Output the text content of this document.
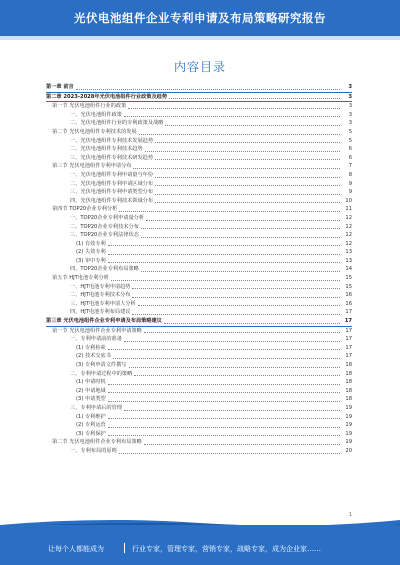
光伏电池组件企业专利申请及布局策略研究报告
内容目录
第一章 前言	3
第二章 2023-2028年光伏电池组件行业政策及趋势	3
第一节 光伏电池组件行业的政策	3
一、光伏电池组件政策	3
二、光伏电池组件行业的专利政策及战略	3
第二节 光伏电池组件专利技术的发展	5
一、光伏电池组件专利技术发展趋势	5
二、光伏电池组件专利技术趋势	6
三、光伏电池组件专利技术研发趋势	6
第三节 光伏电池组件专利申请分布	7
一、光伏电池组件专利申请量与年份	8
二、光伏电池组件专利申请区域分布	9
三、光伏电池组件专利申请类型分布	9
四、光伏电池组件专利技术领域分布	10
第四节 TOP20企业专利分析	11
一、TOP20企业专利申请量分析	12
二、TOP20企业专利技术分布	12
三、TOP20企业专利法律状态	12
(1) 有效专利	12
(2) 失效专利	13
(3) 审中专利	13
四、TOP20企业专利布局策略	14
第五节 HJT电池专利分析	15
一、HJT电池专利申请趋势	15
二、HJT电池专利技术分布	16
三、HJT电池专利申请人分析	16
四、HJT电池专利布局建议	17
第三章 光伏电池组件企业专利申请及布局策略建议	17
第一节 光伏电池组件企业专利申请策略	17
一、专利申请前的准备	17
(1) 专利检索	17
(2) 技术交底书	17
(3) 专利申请文件撰写	18
二、专利申请过程中的策略	18
(1) 申请时机	18
(2) 申请地域	18
(3) 申请类型	18
三、专利申请后的管理	19
(1) 专利维护	19
(2) 专利运营	19
(3) 专利保护	19
第二节 光伏电池组件企业专利布局策略	19
一、专利布局的原则	20
1
让每个人都能成为	行业专家，管理专家，营销专家，战略专家，成为企业家……
